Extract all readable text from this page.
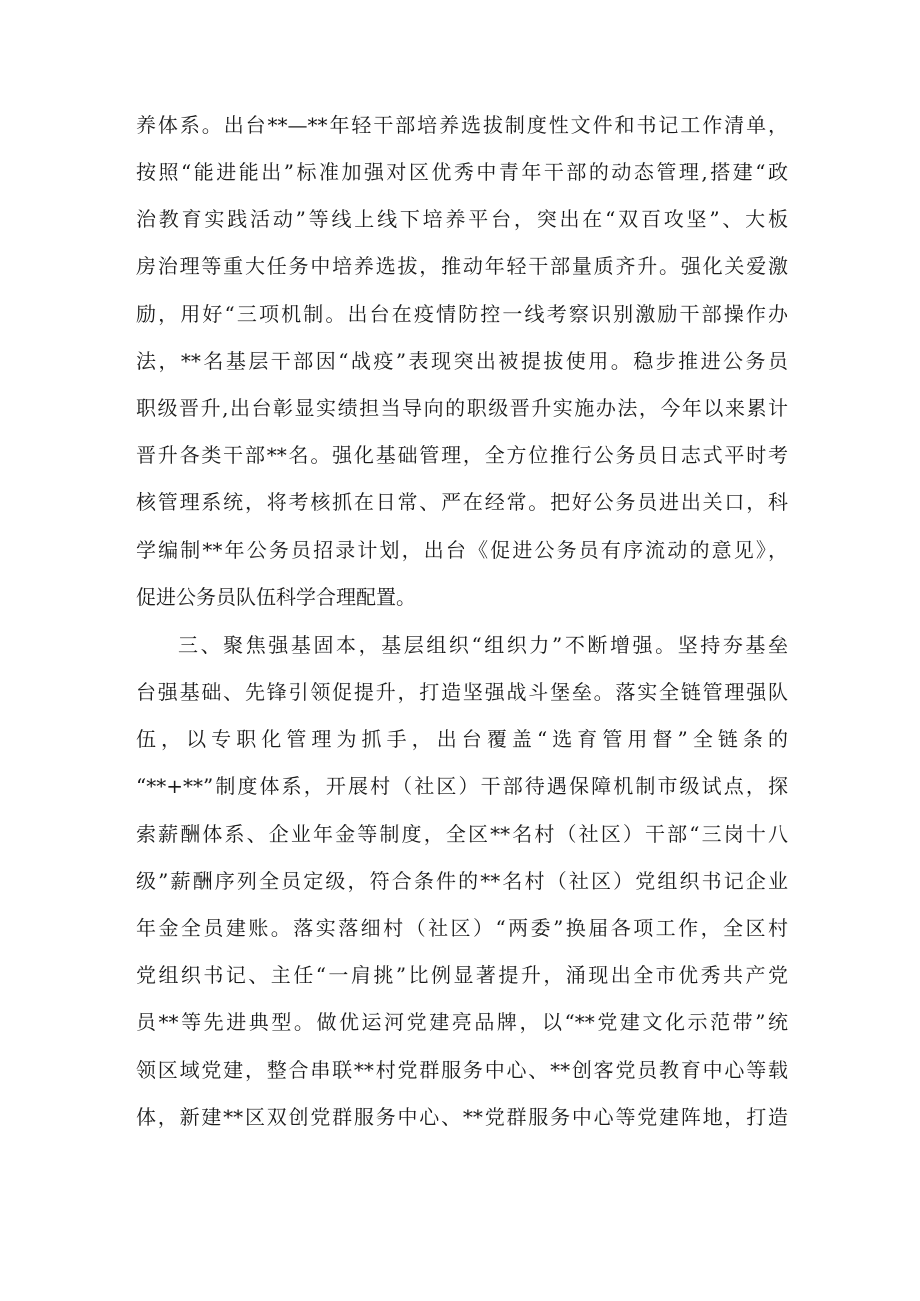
养体系。出台**—**年轻干部培养选拔制度性文件和书记工作清单，
按照“能进能出”标准加强对区优秀中青年干部的动态管理,搭建“政
治教育实践活动”等线上线下培养平台，突出在“双百攻坚”、大板
房治理等重大任务中培养选拔，推动年轻干部量质齐升。强化关爱激
励，用好“三项机制。出台在疫情防控一线考察识别激励干部操作办
法，**名基层干部因“战疫”表现突出被提拔使用。稳步推进公务员
职级晋升,出台彰显实绩担当导向的职级晋升实施办法，今年以来累计
晋升各类干部**名。强化基础管理，全方位推行公务员日志式平时考
核管理系统，将考核抓在日常、严在经常。把好公务员进出关口，科
学编制**年公务员招录计划，出台《促进公务员有序流动的意见》，
促进公务员队伍科学合理配置。
三、聚焦强基固本，基层组织“组织力”不断增强。坚持夯基垒
台强基础、先锋引领促提升，打造坚强战斗堡垒。落实全链管理强队
伍，以专职化管理为抓手，出台覆盖“选育管用督”全链条的
“**+**”制度体系，开展村（社区）干部待遇保障机制市级试点，探
索薪酬体系、企业年金等制度，全区**名村（社区）干部“三岗十八
级”薪酬序列全员定级，符合条件的**名村（社区）党组织书记企业
年金全员建账。落实落细村（社区）“两委”换届各项工作，全区村
党组织书记、主任“一肩挑”比例显著提升，涌现出全市优秀共产党
员**等先进典型。做优运河党建亮品牌，以“**党建文化示范带”统
领区域党建，整合串联**村党群服务中心、**创客党员教育中心等载
体，新建**区双创党群服务中心、**党群服务中心等党建阵地，打造
